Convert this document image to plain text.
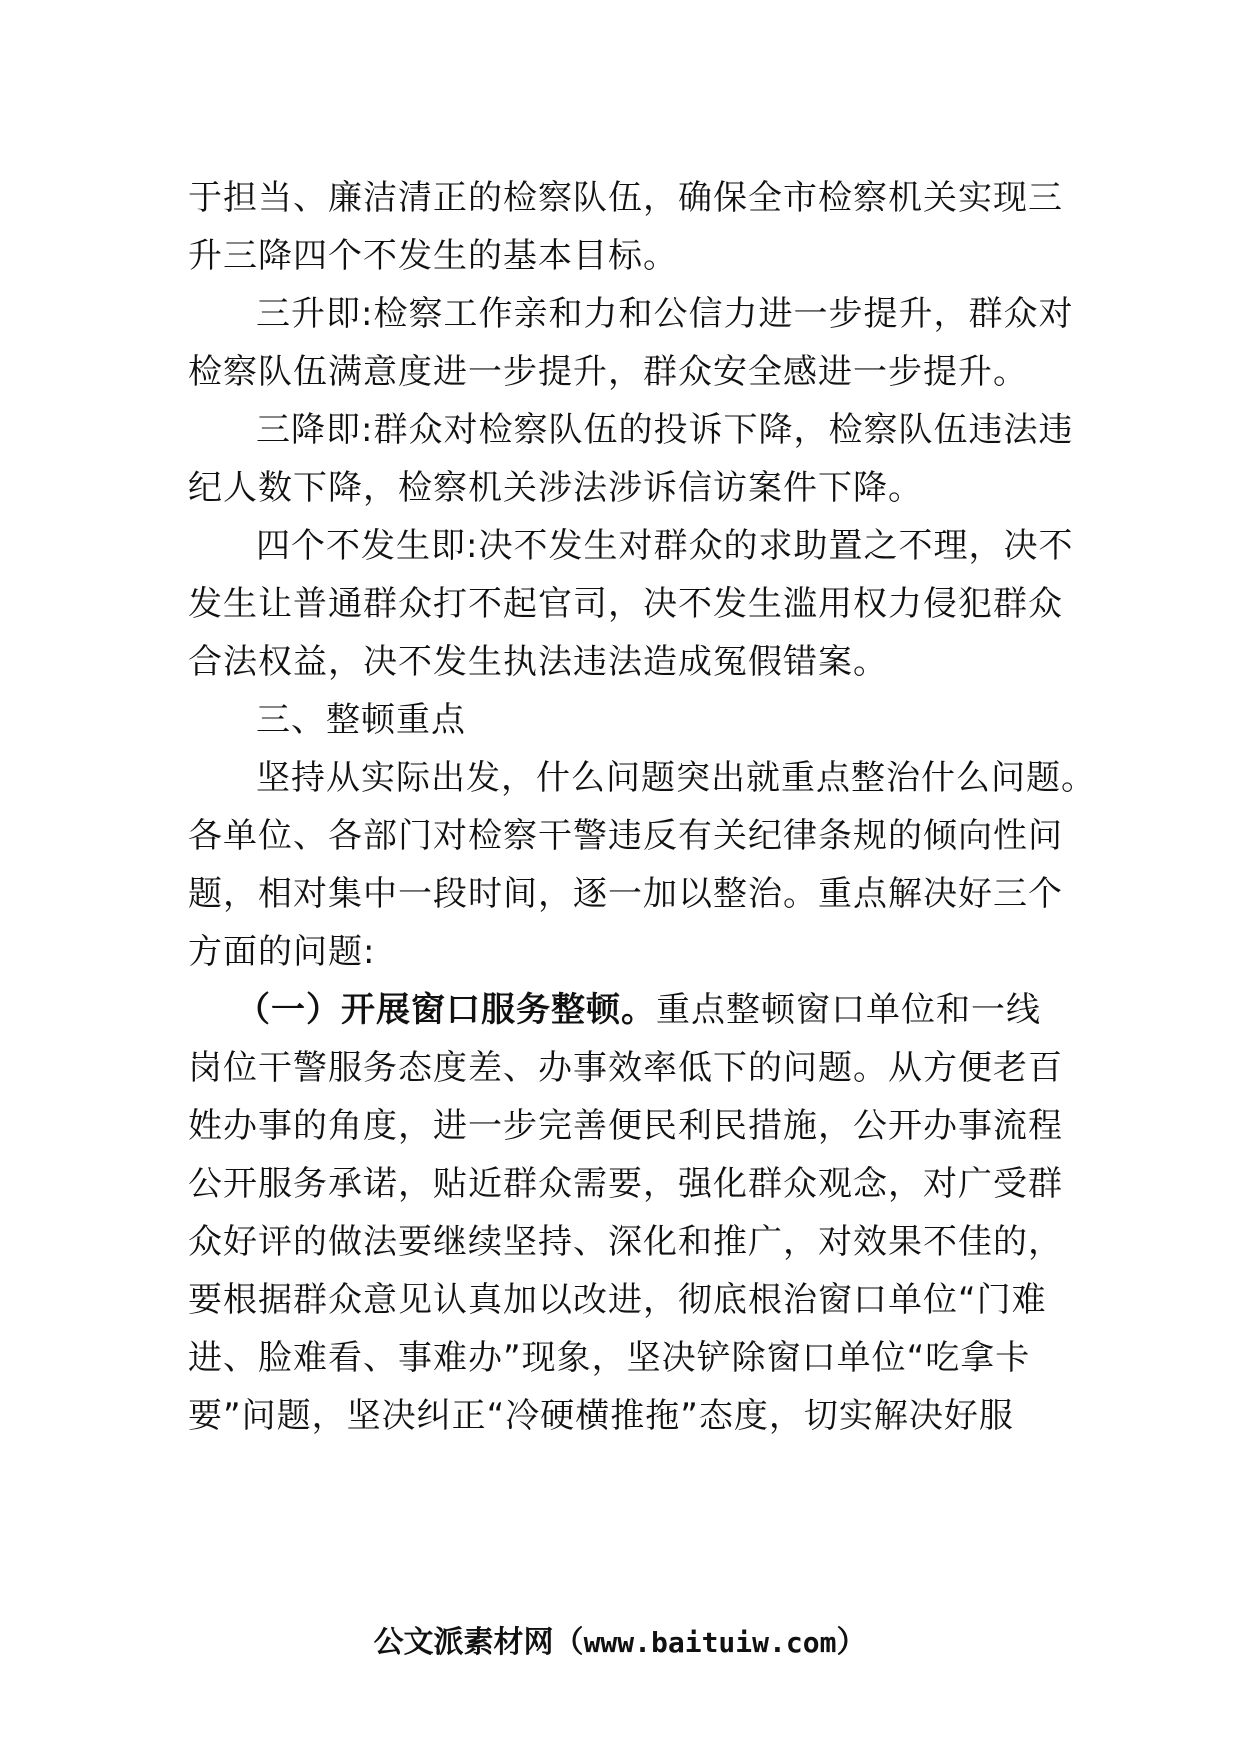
于担当、廉洁清正的检察队伍，确保全市检察机关实现三
升三降四个不发生的基本目标。
三升即:检察工作亲和力和公信力进一步提升，群众对
检察队伍满意度进一步提升，群众安全感进一步提升。
三降即:群众对检察队伍的投诉下降，检察队伍违法违
纪人数下降，检察机关涉法涉诉信访案件下降。
四个不发生即:决不发生对群众的求助置之不理，决不
发生让普通群众打不起官司，决不发生滥用权力侵犯群众
合法权益，决不发生执法违法造成冤假错案。
三、整顿重点
坚持从实际出发，什么问题突出就重点整治什么问题。
各单位、各部门对检察干警违反有关纪律条规的倾向性问
题，相对集中一段时间，逐一加以整治。重点解决好三个
方面的问题:
（一）开展窗口服务整顿。重点整顿窗口单位和一线
岗位干警服务态度差、办事效率低下的问题。从方便老百
姓办事的角度，进一步完善便民利民措施，公开办事流程
公开服务承诺，贴近群众需要，强化群众观念，对广受群
众好评的做法要继续坚持、深化和推广，对效果不佳的，
要根据群众意见认真加以改进，彻底根治窗口单位“门难
进、脸难看、事难办”现象，坚决铲除窗口单位“吃拿卡
要”问题，坚决纠正“冷硬横推拖”态度，切实解决好服
公文派素材网（www.baituiw.com）
